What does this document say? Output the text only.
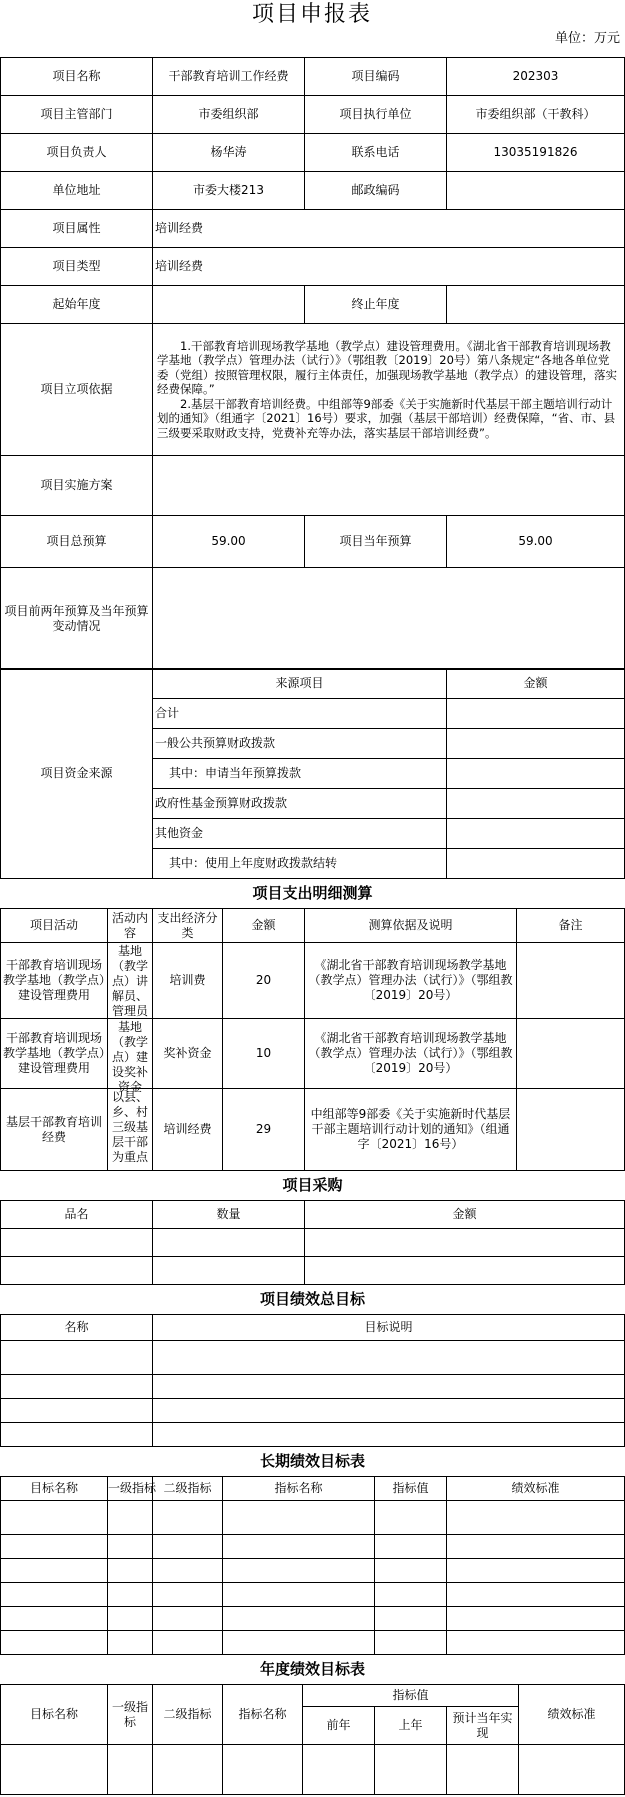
项目申报表
单位：万元
项目名称	干部教育培训工作经费	项目编码	202303
项目主管部门	市委组织部	项目执行单位	市委组织部（干教科）
项目负责人	杨华涛	联系电话	13035191826
单位地址	市委大楼213	邮政编码	
项目属性	培训经费		
项目类型	培训经费		
起始年度		终止年度	
项目立项依据	1.干部教育培训现场教学基地（教学点）建设管理费用。《湖北省干部教育培训现场教学基地（教学点）管理办法（试行）》（鄂组教〔2019〕20号）第八条规定“各地各单位党委（党组）按照管理权限，履行主体责任，加强现场教学基地（教学点）的建设管理，落实经费保障。”
2.基层干部教育培训经费。中组部等9部委《关于实施新时代基层干部主题培训行动计划的通知》（组通字〔2021〕16号）要求，加强（基层干部培训）经费保障，“省、市、县三级要采取财政支持，党费补充等办法，落实基层干部培训经费”。		

项目实施方案			
项目总预算	59.00	项目当年预算	59.00
项目前两年预算及当年预算变动情况			
项目资金来源	来源项目	金额
	合计	
	一般公共预算财政拨款	
	其中：申请当年预算拨款	
	政府性基金预算财政拨款	
	其他资金	
	其中：使用上年度财政拨款结转	
项目支出明细测算					
项目活动	活动内容	支出经济分类	金额	测算依据及说明	备注
干部教育培训现场教学基地（教学点）建设管理费用	基地（教学点）讲解员、管理员	培训费	20	《湖北省干部教育培训现场教学基地（教学点）管理办法（试行）》（鄂组教〔2019〕20号）	
干部教育培训现场教学基地（教学点）建设管理费用	基地（教学点）建设奖补资金	奖补资金	10	《湖北省干部教育培训现场教学基地（教学点）管理办法（试行）》（鄂组教〔2019〕20号）	
基层干部教育培训经费	以县、乡、村三级基层干部为重点	培训经费	29	中组部等9部委《关于实施新时代基层干部主题培训行动计划的通知》（组通字〔2021〕16号）	
项目采购		
品名	数量	金额

项目绩效总目标	
名称	目标说明

长期绩效目标表					
目标名称	一级指标	二级指标	指标名称	指标值	绩效标准

年度绩效目标表							
目标名称	一级指标	二级指标	指标名称	指标值			绩效标准
				前年	上年	预计当年实现	
